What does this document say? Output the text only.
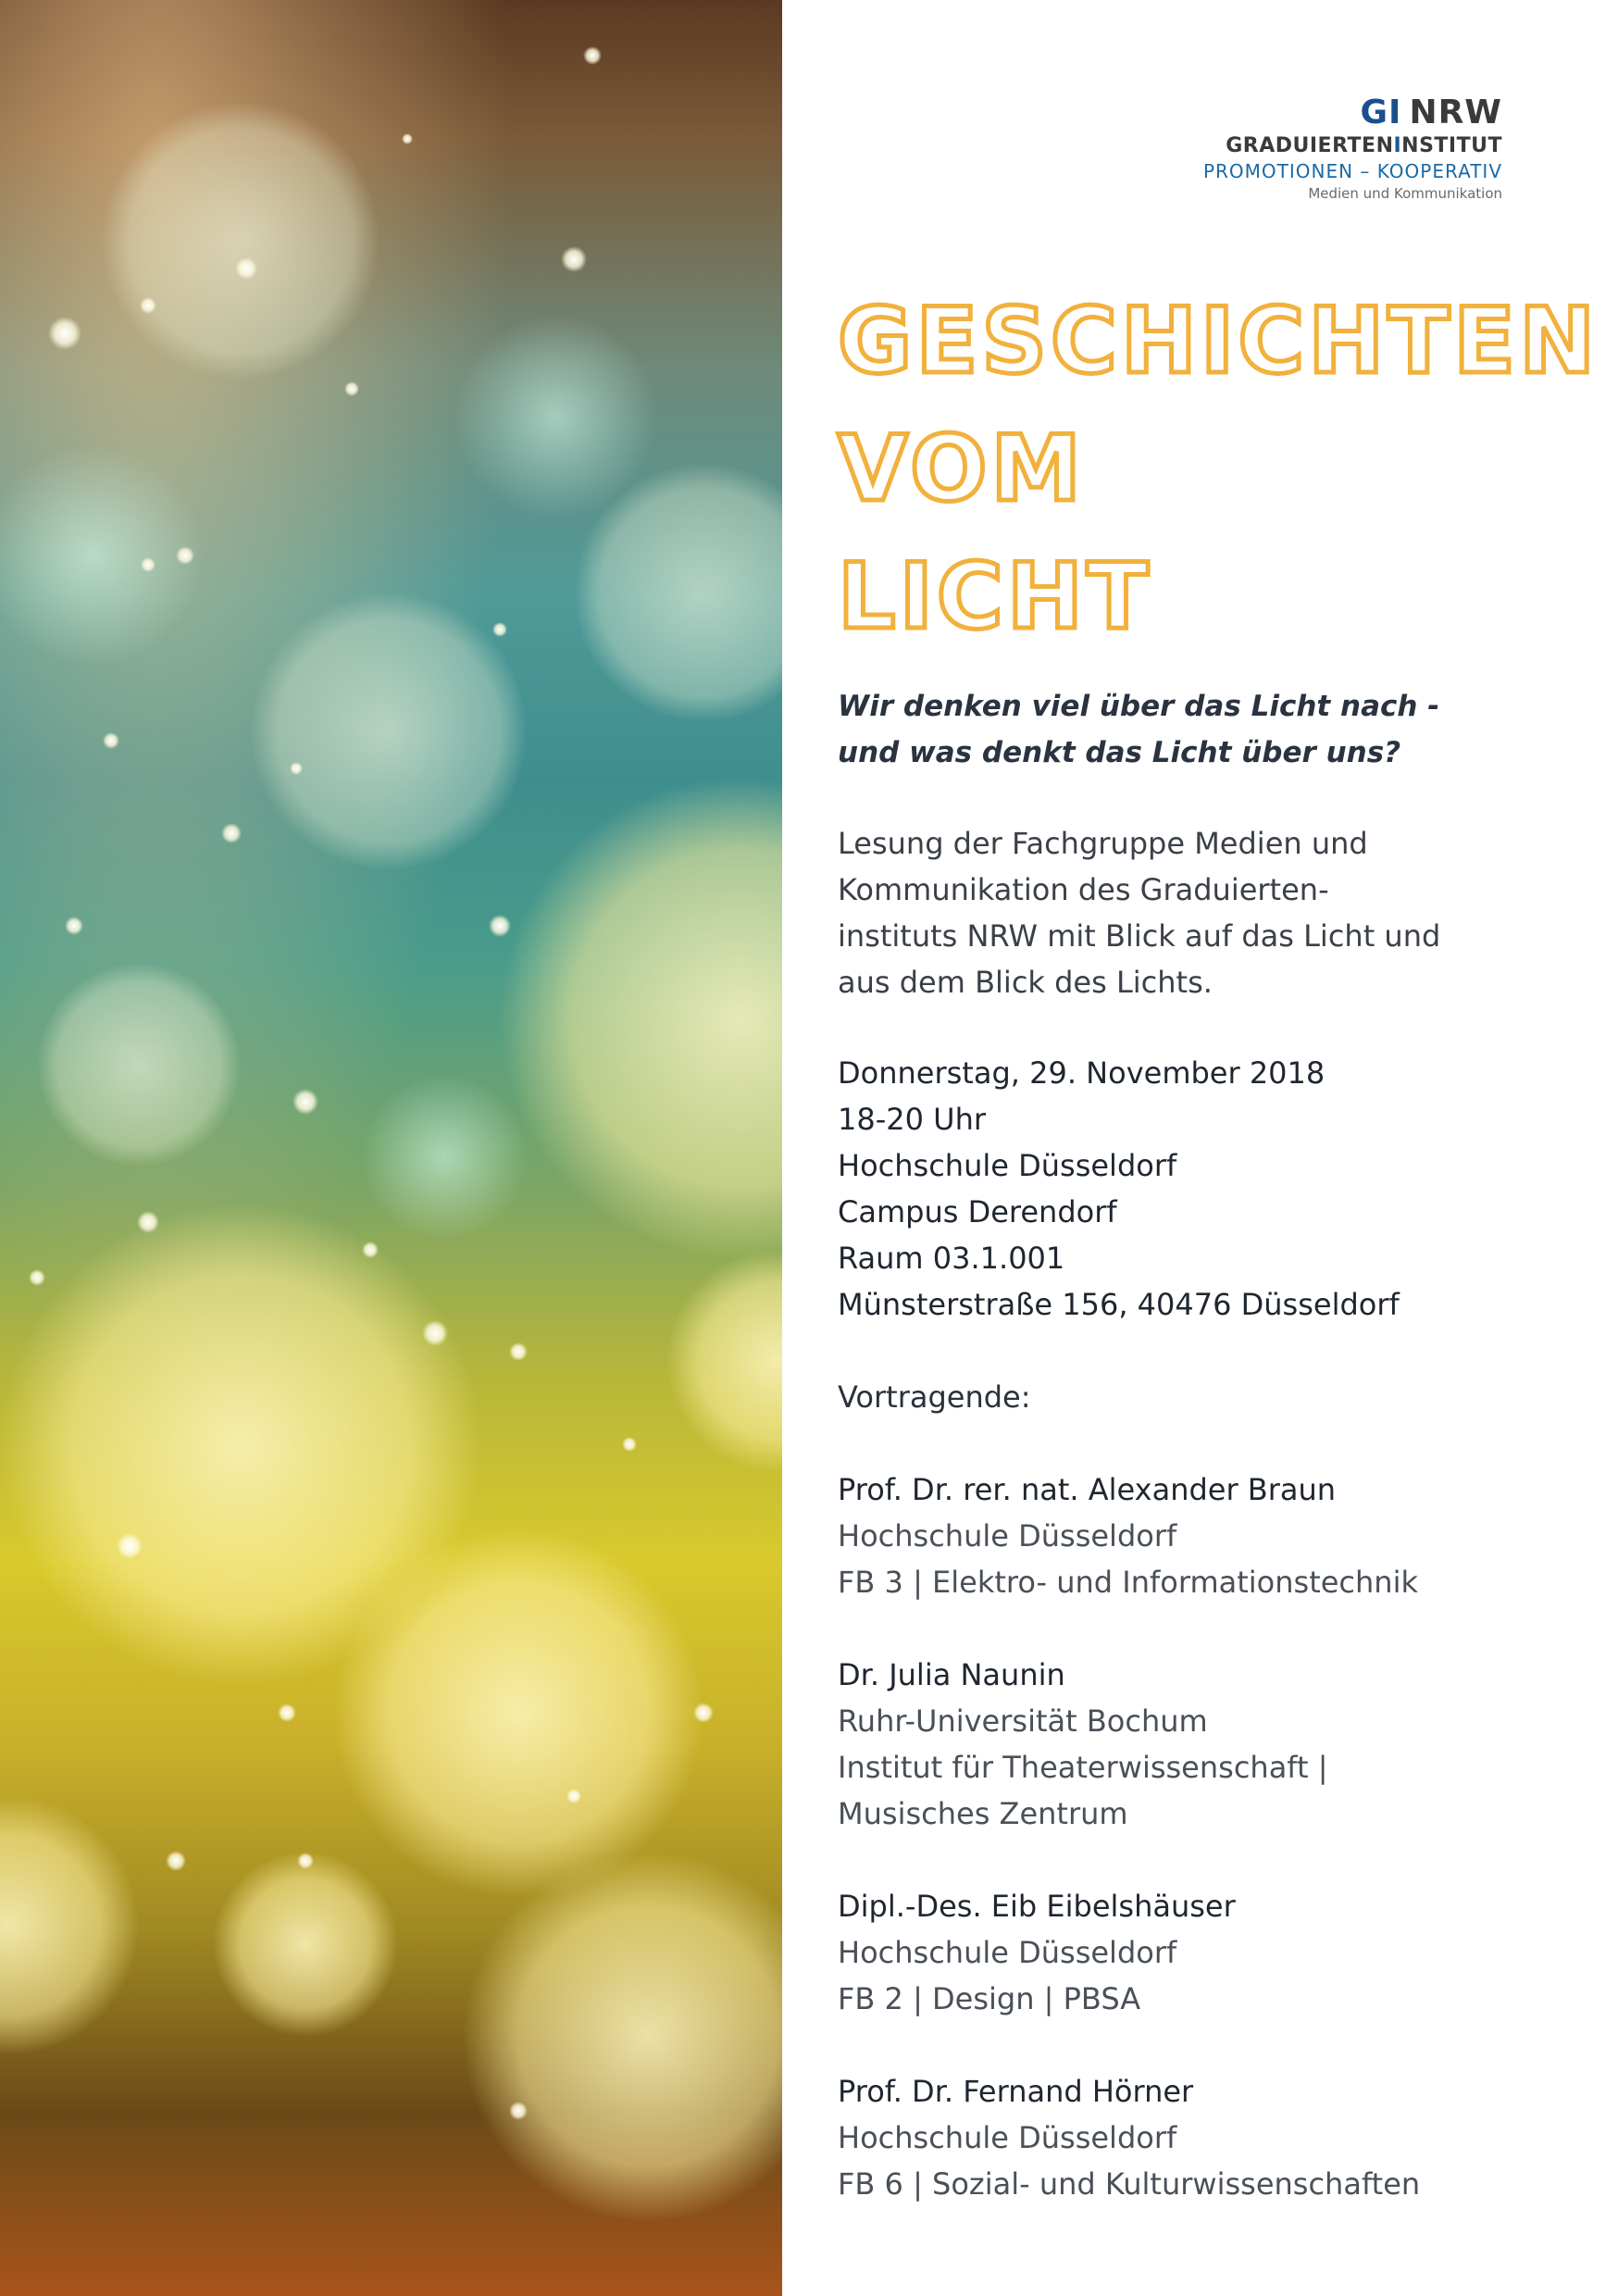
GI NRW
GRADUIERTENINSTITUT
PROMOTIONEN – KOOPERATIV
Medien und Kommunikation
GESCHICHTEN
VOM
LICHT
Wir denken viel über das Licht nach -
und was denkt das Licht über uns?
Lesung der Fachgruppe Medien und
Kommunikation des Graduierten-
instituts NRW mit Blick auf das Licht und
aus dem Blick des Lichts.
Donnerstag, 29. November 2018
18-20 Uhr
Hochschule Düsseldorf
Campus Derendorf
Raum 03.1.001
Münsterstraße 156, 40476 Düsseldorf
Vortragende:
Prof. Dr. rer. nat. Alexander Braun
Hochschule Düsseldorf
FB 3 | Elektro- und Informationstechnik
Dr. Julia Naunin
Ruhr-Universität Bochum
Institut für Theaterwissenschaft |
Musisches Zentrum
Dipl.-Des. Eib Eibelshäuser
Hochschule Düsseldorf
FB 2 | Design | PBSA
Prof. Dr. Fernand Hörner
Hochschule Düsseldorf
FB 6 | Sozial- und Kulturwissenschaften
